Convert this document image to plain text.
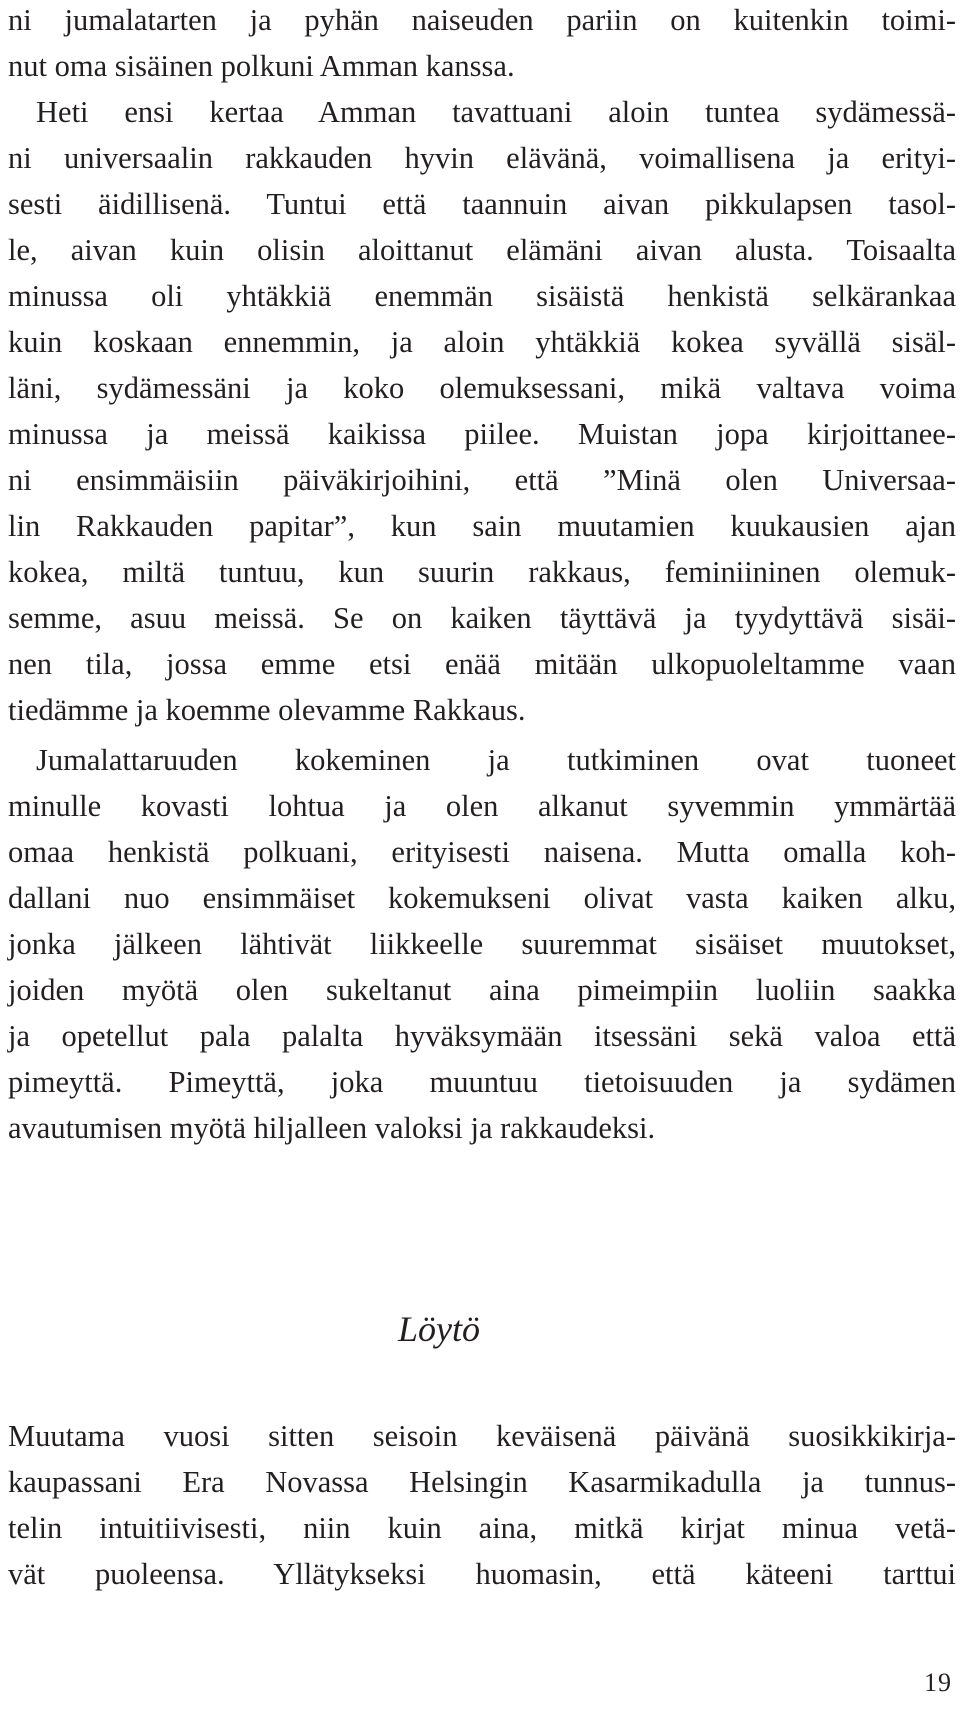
ni jumalatarten ja pyhän naiseuden pariin on kuitenkin toimi-
nut oma sisäinen polkuni Amman kanssa.
Heti ensi kertaa Amman tavattuani aloin tuntea sydämessä-
ni universaalin rakkauden hyvin elävänä, voimallisena ja erityi-
sesti äidillisenä. Tuntui että taannuin aivan pikkulapsen tasol-
le, aivan kuin olisin aloittanut elämäni aivan alusta. Toisaalta
minussa oli yhtäkkiä enemmän sisäistä henkistä selkärankaa
kuin koskaan ennemmin, ja aloin yhtäkkiä kokea syvällä sisäl-
läni, sydämessäni ja koko olemuksessani, mikä valtava voima
minussa ja meissä kaikissa piilee. Muistan jopa kirjoittanee-
ni ensimmäisiin päiväkirjoihini, että ”Minä olen Universaa-
lin Rakkauden papitar”, kun sain muutamien kuukausien ajan
kokea, miltä tuntuu, kun suurin rakkaus, feminiininen olemuk-
semme, asuu meissä. Se on kaiken täyttävä ja tyydyttävä sisäi-
nen tila, jossa emme etsi enää mitään ulkopuoleltamme vaan
tiedämme ja koemme olevamme Rakkaus.
Jumalattaruuden kokeminen ja tutkiminen ovat tuoneet
minulle kovasti lohtua ja olen alkanut syvemmin ymmärtää
omaa henkistä polkuani, erityisesti naisena. Mutta omalla koh-
dallani nuo ensimmäiset kokemukseni olivat vasta kaiken alku,
jonka jälkeen lähtivät liikkeelle suuremmat sisäiset muutokset,
joiden myötä olen sukeltanut aina pimeimpiin luoliin saakka
ja opetellut pala palalta hyväksymään itsessäni sekä valoa että
pimeyttä. Pimeyttä, joka muuntuu tietoisuuden ja sydämen
avautumisen myötä hiljalleen valoksi ja rakkaudeksi.
Löytö
Muutama vuosi sitten seisoin keväisenä päivänä suosikkikirja-
kaupassani Era Novassa Helsingin Kasarmikadulla ja tunnus-
telin intuitiivisesti, niin kuin aina, mitkä kirjat minua vetä-
vät puoleensa. Yllätykseksi huomasin, että käteeni tarttui
19
